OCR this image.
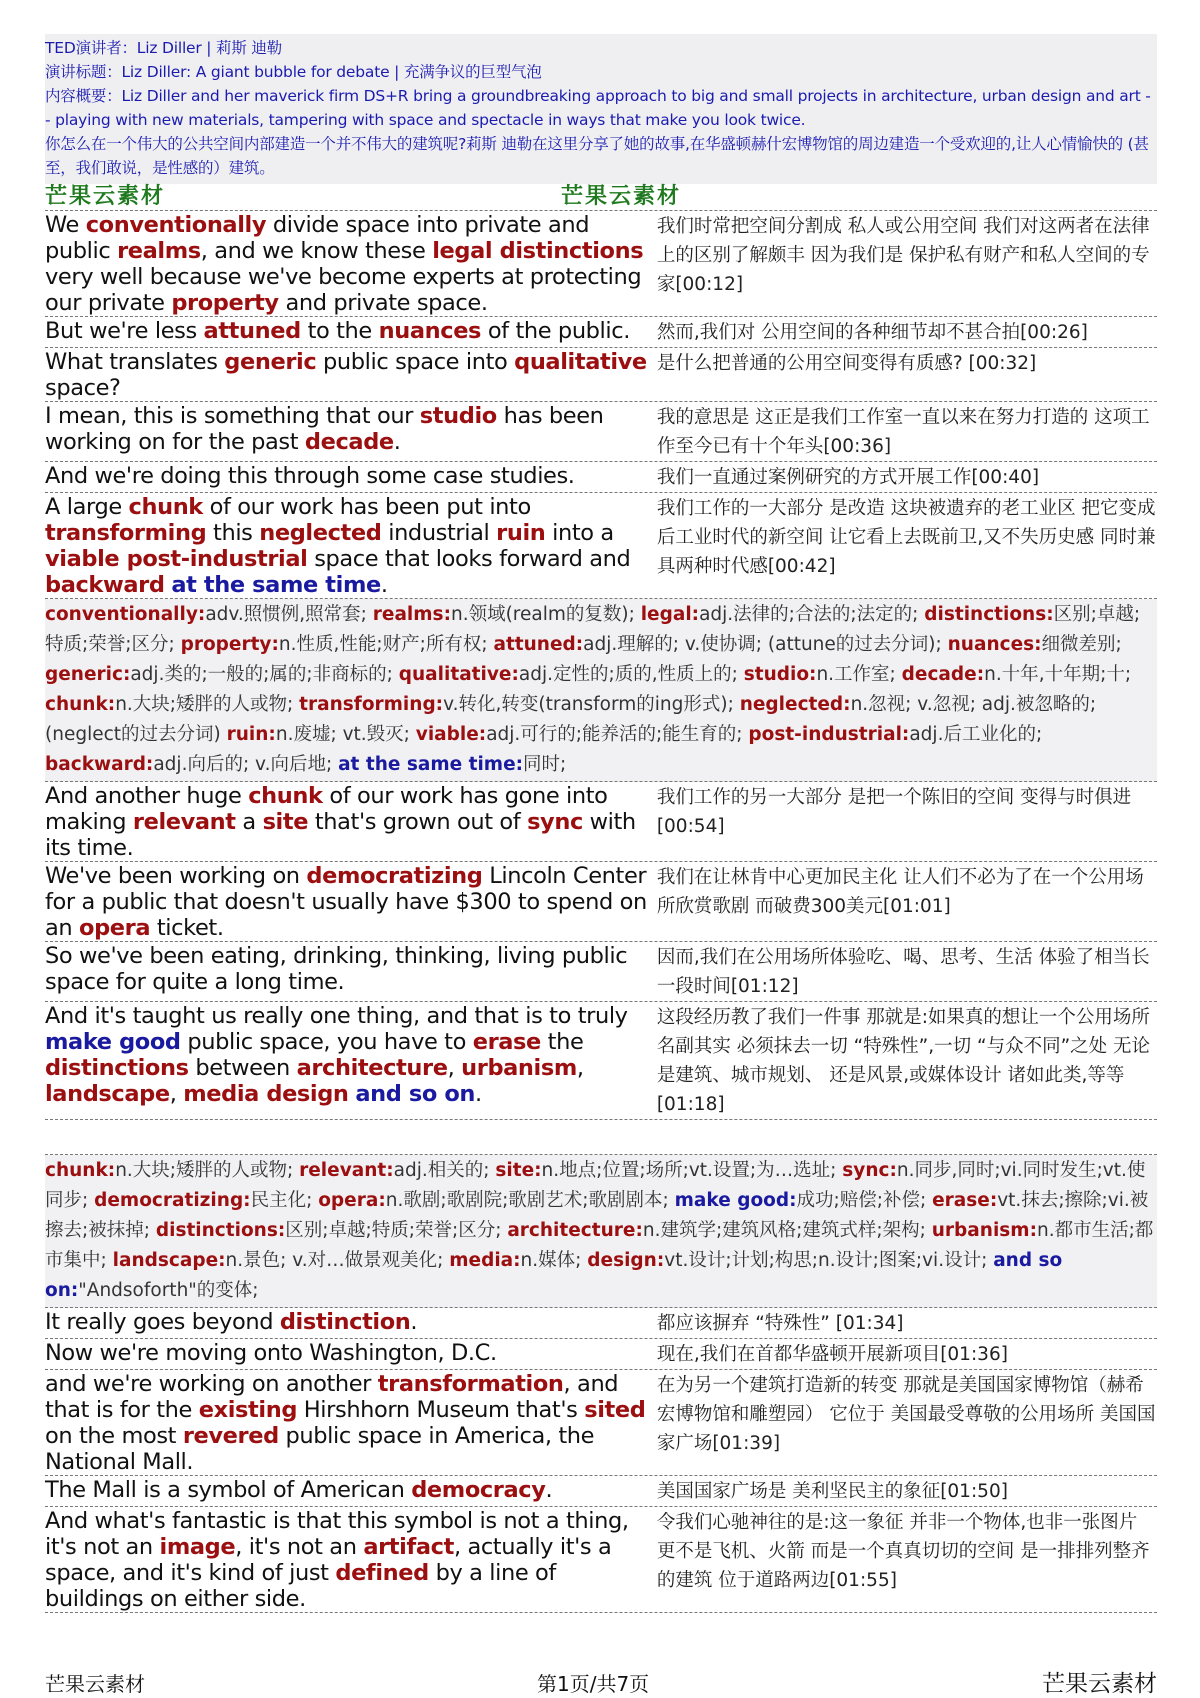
TED演讲者：Liz Diller | 莉斯 迪勒
演讲标题：Liz Diller: A giant bubble for debate | 充满争议的巨型气泡
内容概要：Liz Diller and her maverick firm DS+R bring a groundbreaking approach to big and small projects in architecture, urban design and art -- playing with new materials, tampering with space and spectacle in ways that make you look twice.
你怎么在一个伟大的公共空间内部建造一个并不伟大的建筑呢?莉斯 迪勒在这里分享了她的故事,在华盛顿赫什宏博物馆的周边建造一个受欢迎的,让人心情愉快的 (甚至，我们敢说，是性感的）建筑。
芒果云素材	芒果云素材
We conventionally divide space into private and public realms, and we know these legal distinctions very well because we've become experts at protecting our private property and private space.
我们时常把空间分割成 私人或公用空间 我们对这两者在法律上的区别了解颇丰 因为我们是 保护私有财产和私人空间的专家[00:12]
But we're less attuned to the nuances of the public.	然而,我们对 公用空间的各种细节却不甚合拍[00:26]
What translates generic public space into qualitative space?
是什么把普通的公用空间变得有质感? [00:32]
I mean, this is something that our studio has been working on for the past decade.
我的意思是 这正是我们工作室一直以来在努力打造的 这项工作至今已有十个年头[00:36]
And we're doing this through some case studies.	我们一直通过案例研究的方式开展工作[00:40]
A large chunk of our work has been put into transforming this neglected industrial ruin into a viable post-industrial space that looks forward and backward at the same time.
我们工作的一大部分 是改造 这块被遗弃的老工业区 把它变成后工业时代的新空间 让它看上去既前卫,又不失历史感 同时兼具两种时代感[00:42]
conventionally:adv.照惯例,照常套; realms:n.领域(realm的复数); legal:adj.法律的;合法的;法定的; distinctions:区别;卓越;特质;荣誉;区分; property:n.性质,性能;财产;所有权; attuned:adj.理解的; v.使协调; (attune的过去分词); nuances:细微差别; generic:adj.类的;一般的;属的;非商标的; qualitative:adj.定性的;质的,性质上的; studio:n.工作室; decade:n.十年,十年期;十; chunk:n.大块;矮胖的人或物; transforming:v.转化,转变(transform的ing形式); neglected:n.忽视; v.忽视; adj.被忽略的; (neglect的过去分词) ruin:n.废墟; vt.毁灭; viable:adj.可行的;能养活的;能生育的; post-industrial:adj.后工业化的; backward:adj.向后的; v.向后地; at the same time:同时;
And another huge chunk of our work has gone into making relevant a site that's grown out of sync with its time.
我们工作的另一大部分 是把一个陈旧的空间 变得与时俱进[00:54]
We've been working on democratizing Lincoln Center for a public that doesn't usually have $300 to spend on an opera ticket.
我们在让林肯中心更加民主化 让人们不必为了在一个公用场所欣赏歌剧 而破费300美元[01:01]
So we've been eating, drinking, thinking, living public space for quite a long time.
因而,我们在公用场所体验吃、喝、思考、生活 体验了相当长一段时间[01:12]
And it's taught us really one thing, and that is to truly make good public space, you have to erase the distinctions between architecture, urbanism, landscape, media design and so on.
这段经历教了我们一件事 那就是:如果真的想让一个公用场所名副其实 必须抹去一切 “特殊性”,一切 “与众不同”之处 无论是建筑、城市规划、 还是风景,或媒体设计 诸如此类,等等[01:18]
chunk:n.大块;矮胖的人或物; relevant:adj.相关的; site:n.地点;位置;场所;vt.设置;为…选址; sync:n.同步,同时;vi.同时发生;vt.使同步; democratizing:民主化; opera:n.歌剧;歌剧院;歌剧艺术;歌剧剧本; make good:成功;赔偿;补偿; erase:vt.抹去;擦除;vi.被擦去;被抹掉; distinctions:区别;卓越;特质;荣誉;区分; architecture:n.建筑学;建筑风格;建筑式样;架构; urbanism:n.都市生活;都市集中; landscape:n.景色; v.对…做景观美化; media:n.媒体; design:vt.设计;计划;构思;n.设计;图案;vi.设计; and so on:"Andsoforth"的变体;
It really goes beyond distinction.	都应该摒弃 “特殊性” [01:34]
Now we're moving onto Washington, D.C.	现在,我们在首都华盛顿开展新项目[01:36]
and we're working on another transformation, and that is for the existing Hirshhorn Museum that's sited on the most revered public space in America, the National Mall.
在为另一个建筑打造新的转变 那就是美国国家博物馆（赫希宏博物馆和雕塑园） 它位于 美国最受尊敬的公用场所 美国国家广场[01:39]
The Mall is a symbol of American democracy.	美国国家广场是 美利坚民主的象征[01:50]
And what's fantastic is that this symbol is not a thing, it's not an image, it's not an artifact, actually it's a space, and it's kind of just defined by a line of buildings on either side.
令我们心驰神往的是:这一象征 并非一个物体,也非一张图片 更不是飞机、火箭 而是一个真真切切的空间 是一排排列整齐的建筑 位于道路两边[01:55]
芒果云素材	第1页/共7页	芒果云素材
